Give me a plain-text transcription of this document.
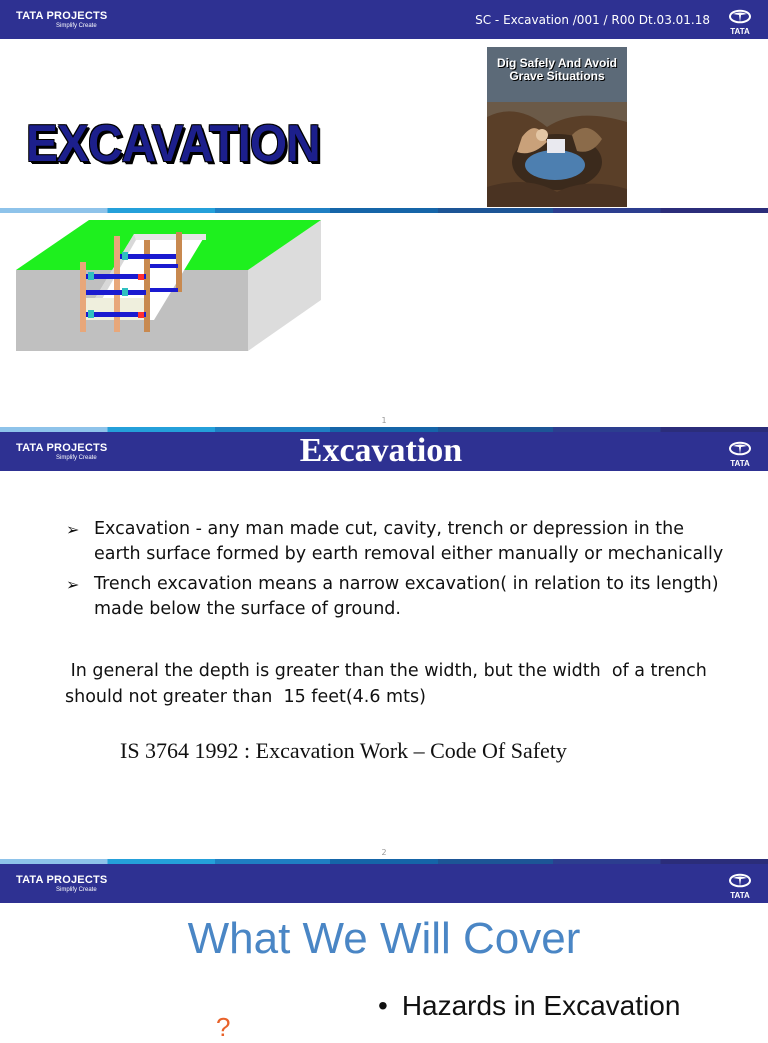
TATA PROJECTS
Simplify Create	SC - Excavation /001 / R00 Dt.03.01.18
TATA
EXCAVATION
Dig Safely And Avoid Grave Situations
1
TATA PROJECTS
Simplify Create	Excavation	TATA
➢ Excavation - any man made cut, cavity, trench or depression in the earth surface formed by earth removal either manually or mechanically
➢ Trench excavation means a narrow excavation( in relation to its length) made below the surface of ground.
In general the depth is greater than the width, but the width  of a trench should not greater than  15 feet(4.6 mts)
IS 3764 1992 : Excavation Work – Code Of Safety
2
TATA PROJECTS
Simplify Create
TATA
What We Will Cover
?
• Hazards in Excavation
